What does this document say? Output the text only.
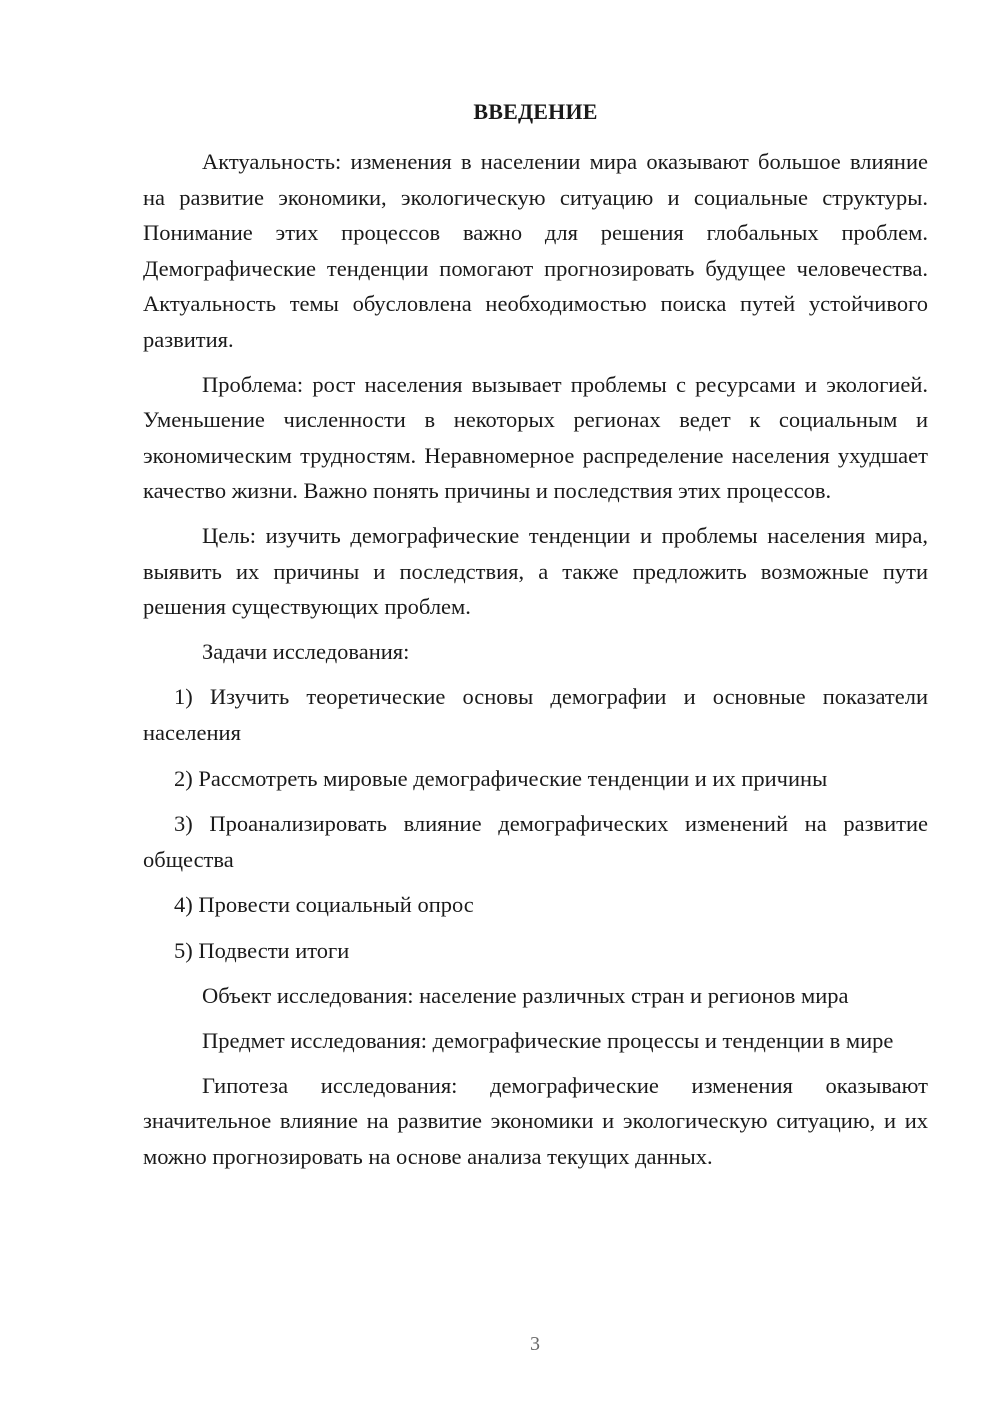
ВВЕДЕНИЕ

Актуальность: изменения в населении мира оказывают большое влияние на развитие экономики, экологическую ситуацию и социальные структуры. Понимание этих процессов важно для решения глобальных проблем. Демографические тенденции помогают прогнозировать будущее человечества. Актуальность темы обусловлена необходимостью поиска путей устойчивого развития.

Проблема: рост населения вызывает проблемы с ресурсами и экологией. Уменьшение численности в некоторых регионах ведет к социальным и экономическим трудностям. Неравномерное распределение населения ухудшает качество жизни. Важно понять причины и последствия этих процессов.

Цель: изучить демографические тенденции и проблемы населения мира, выявить их причины и последствия, а также предложить возможные пути решения существующих проблем.

Задачи исследования:

1) Изучить теоретические основы демографии и основные показатели населения

2) Рассмотреть мировые демографические тенденции и их причины

3) Проанализировать влияние демографических изменений на развитие общества

4) Провести социальный опрос

5) Подвести итоги

Объект исследования: население различных стран и регионов мира

Предмет исследования: демографические процессы и тенденции в мире

Гипотеза исследования: демографические изменения оказывают значительное влияние на развитие экономики и экологическую ситуацию, и их можно прогнозировать на основе анализа текущих данных.

3
